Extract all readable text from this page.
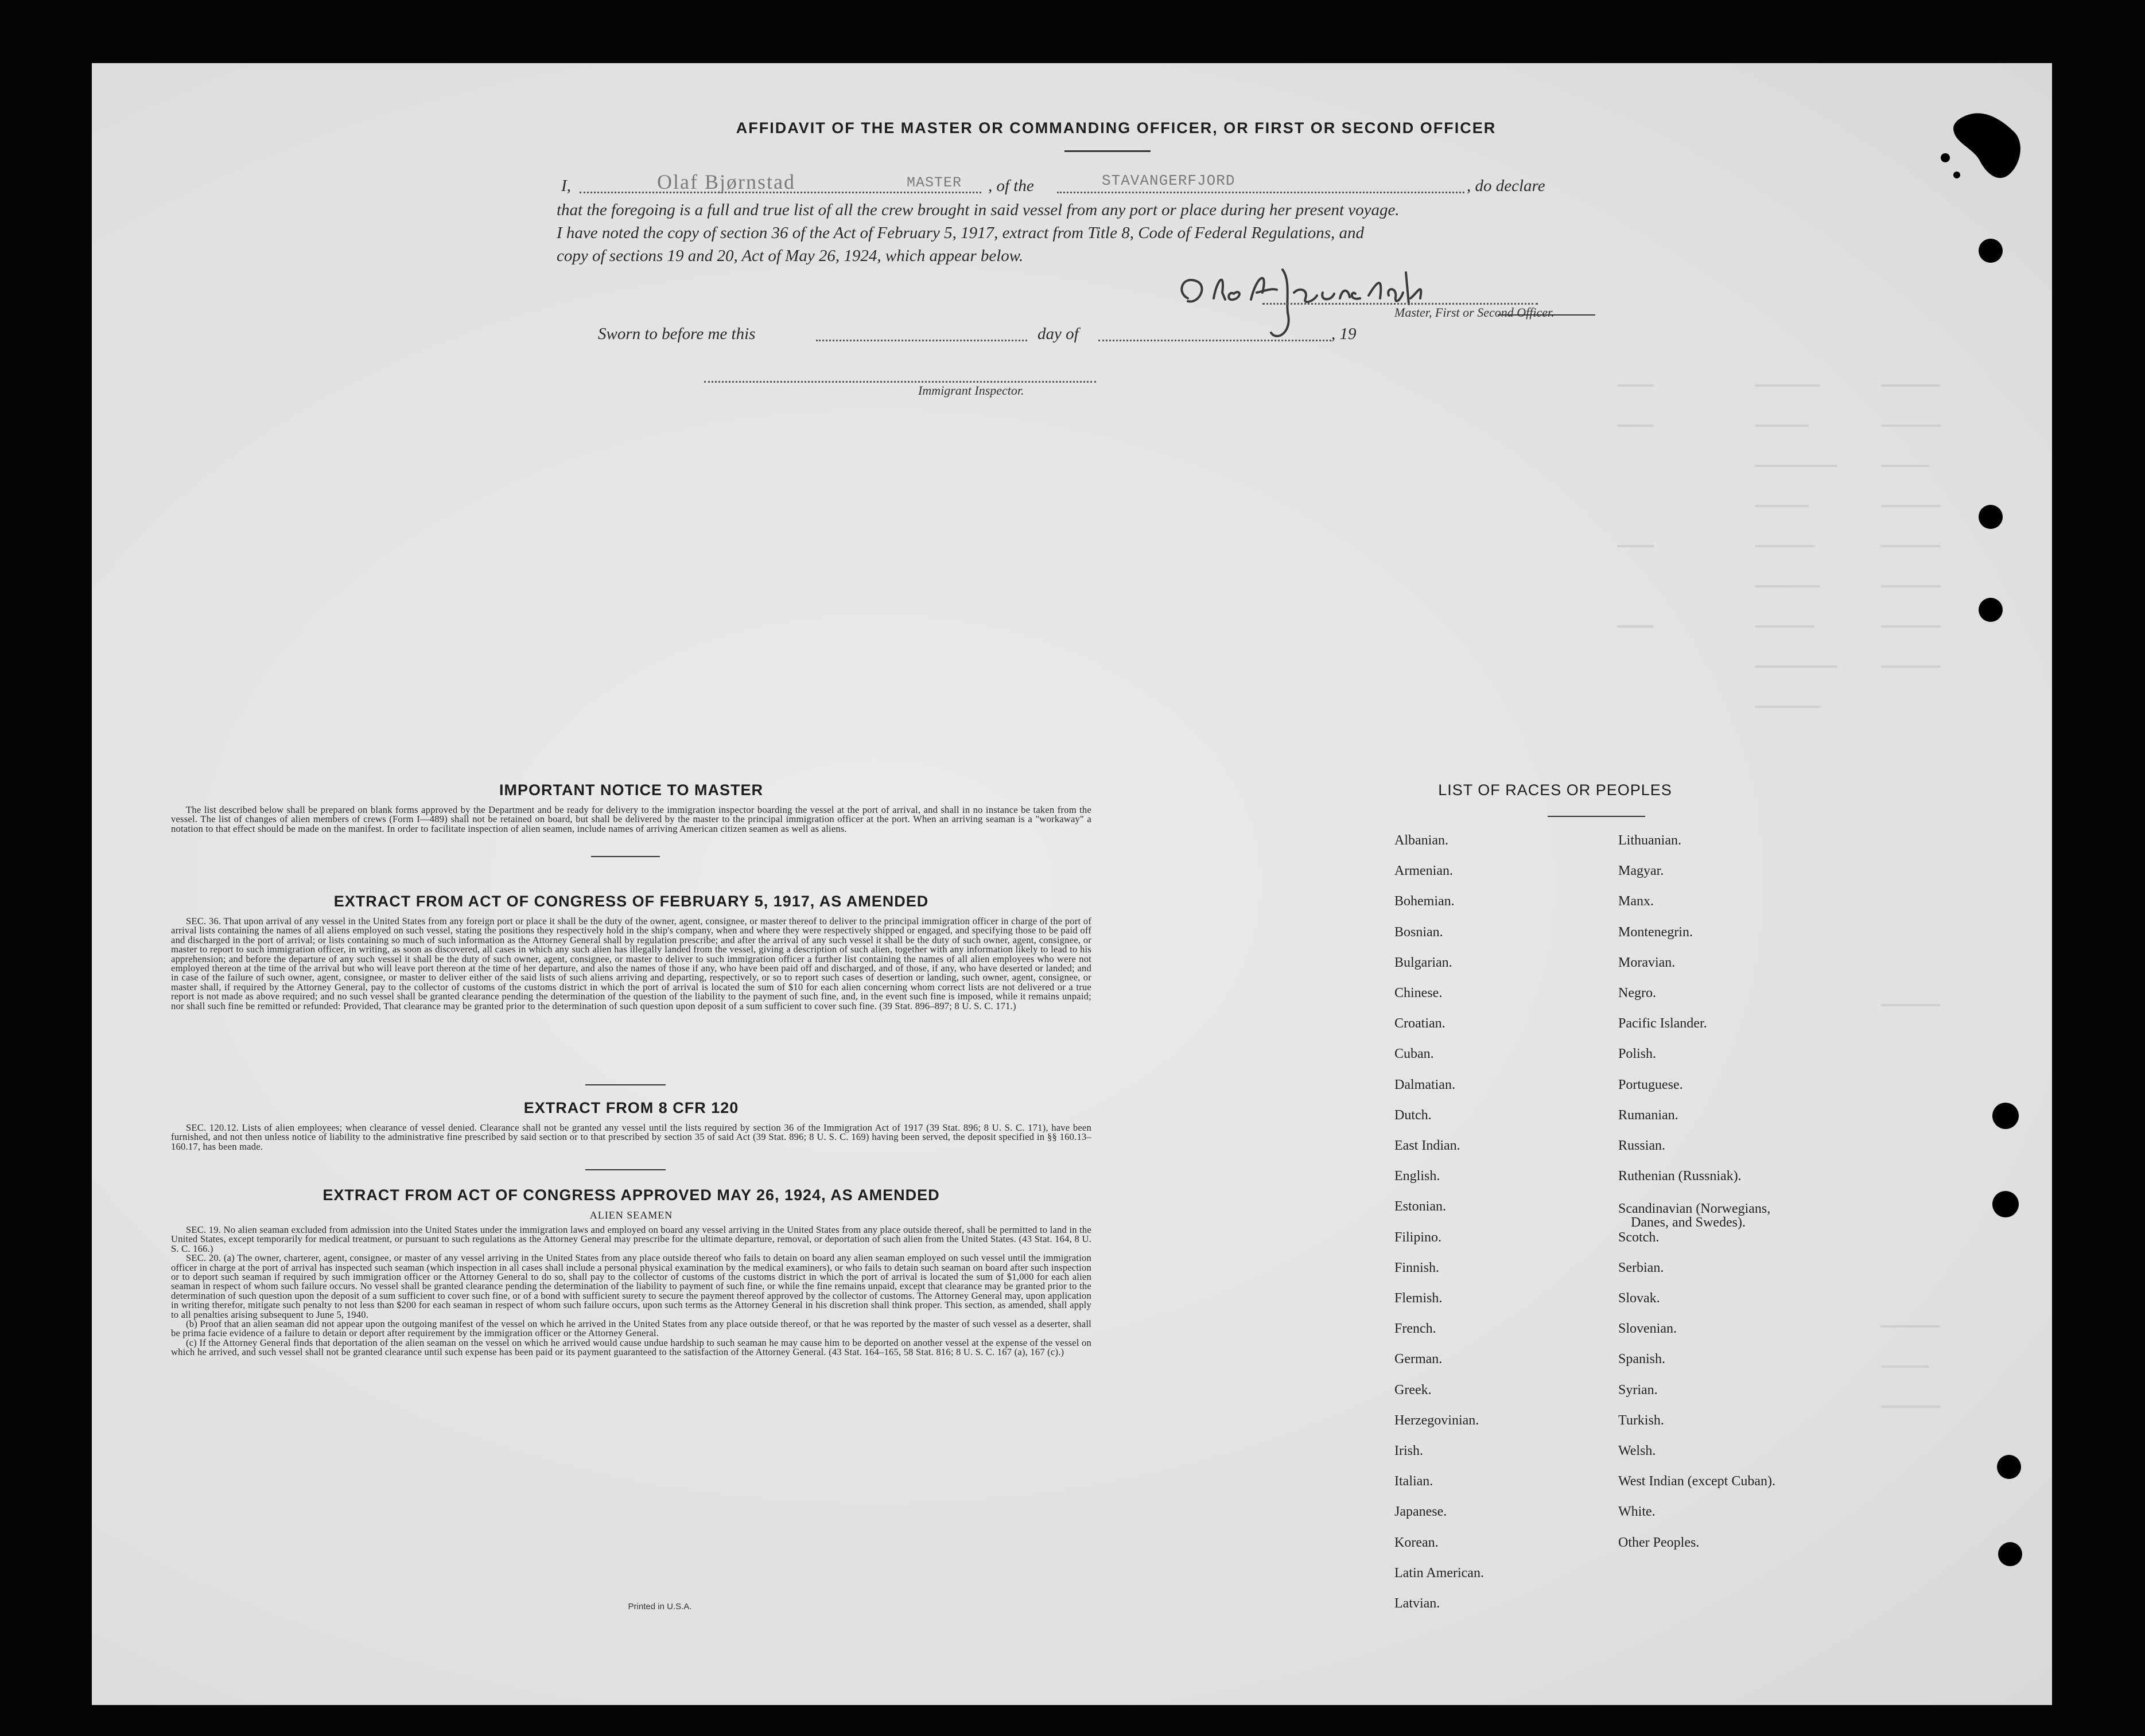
AFFIDAVIT OF THE MASTER OR COMMANDING OFFICER, OR FIRST OR SECOND OFFICER
I,	Olaf Bjørnstad	MASTER , of the	STAVANGERFJORD	, do declare
that the foregoing is a full and true list of all the crew brought in said vessel from any port or place during her present voyage.
I have noted the copy of section 36 of the Act of February 5, 1917, extract from Title 8, Code of Federal Regulations, and
copy of sections 19 and 20, Act of May 26, 1924, which appear below.
Master, First or Second Officer.
Sworn to before me this	day of	, 19
Immigrant Inspector.
IMPORTANT NOTICE TO MASTER

The list described below shall be prepared on blank forms approved by the Department and be ready for delivery to the immigration inspector boarding the vessel at the port of arrival, and shall in no instance be taken from the vessel. The list of changes of alien members of crews (Form I—489) shall not be retained on board, but shall be delivered by the master to the principal immigration officer at the port. When an arriving seaman is a "workaway" a notation to that effect should be made on the manifest. In order to facilitate inspection of alien seamen, include names of arriving American citizen seamen as well as aliens.

EXTRACT FROM ACT OF CONGRESS OF FEBRUARY 5, 1917, AS AMENDED

SEC. 36. That upon arrival of any vessel in the United States from any foreign port or place it shall be the duty of the owner, agent, consignee, or master thereof to deliver to the principal immigration officer in charge of the port of arrival lists containing the names of all aliens employed on such vessel, stating the positions they respectively hold in the ship's company, when and where they were respectively shipped or engaged, and specifying those to be paid off and discharged in the port of arrival; or lists containing so much of such information as the Attorney General shall by regulation prescribe; and after the arrival of any such vessel it shall be the duty of such owner, agent, consignee, or master to report to such immigration officer, in writing, as soon as discovered, all cases in which any such alien has illegally landed from the vessel, giving a description of such alien, together with any information likely to lead to his apprehension; and before the departure of any such vessel it shall be the duty of such owner, agent, consignee, or master to deliver to such immigration officer a further list containing the names of all alien employees who were not employed thereon at the time of the arrival but who will leave port thereon at the time of her departure, and also the names of those if any, who have been paid off and discharged, and of those, if any, who have deserted or landed; and in case of the failure of such owner, agent, consignee, or master to deliver either of the said lists of such aliens arriving and departing, respectively, or so to report such cases of desertion or landing, such owner, agent, consignee, or master shall, if required by the Attorney General, pay to the collector of customs of the customs district in which the port of arrival is located the sum of $10 for each alien concerning whom correct lists are not delivered or a true report is not made as above required; and no such vessel shall be granted clearance pending the determination of the question of the liability to the payment of such fine, and, in the event such fine is imposed, while it remains unpaid; nor shall such fine be remitted or refunded: Provided, That clearance may be granted prior to the determination of such question upon deposit of a sum sufficient to cover such fine. (39 Stat. 896–897; 8 U. S. C. 171.)

EXTRACT FROM 8 CFR 120

SEC. 120.12. Lists of alien employees; when clearance of vessel denied. Clearance shall not be granted any vessel until the lists required by section 36 of the Immigration Act of 1917 (39 Stat. 896; 8 U. S. C. 171), have been furnished, and not then unless notice of liability to the administrative fine prescribed by said section or to that prescribed by section 35 of said Act (39 Stat. 896; 8 U. S. C. 169) having been served, the deposit specified in §§ 160.13–160.17, has been made.

EXTRACT FROM ACT OF CONGRESS APPROVED MAY 26, 1924, AS AMENDED
ALIEN SEAMEN

SEC. 19. No alien seaman excluded from admission into the United States under the immigration laws and employed on board any vessel arriving in the United States from any place outside thereof, shall be permitted to land in the United States, except temporarily for medical treatment, or pursuant to such regulations as the Attorney General may prescribe for the ultimate departure, removal, or deportation of such alien from the United States. (43 Stat. 164, 8 U. S. C. 166.)

SEC. 20. (a) The owner, charterer, agent, consignee, or master of any vessel arriving in the United States from any place outside thereof who fails to detain on board any alien seaman employed on such vessel until the immigration officer in charge at the port of arrival has inspected such seaman (which inspection in all cases shall include a personal physical examination by the medical examiners), or who fails to detain such seaman on board after such inspection or to deport such seaman if required by such immigration officer or the Attorney General to do so, shall pay to the collector of customs of the customs district in which the port of arrival is located the sum of $1,000 for each alien seaman in respect of whom such failure occurs. No vessel shall be granted clearance pending the determination of the liability to payment of such fine, or while the fine remains unpaid, except that clearance may be granted prior to the determination of such question upon the deposit of a sum sufficient to cover such fine, or of a bond with sufficient surety to secure the payment thereof approved by the collector of customs. The Attorney General may, upon application in writing therefor, mitigate such penalty to not less than $200 for each seaman in respect of whom such failure occurs, upon such terms as the Attorney General in his discretion shall think proper. This section, as amended, shall apply to all penalties arising subsequent to June 5, 1940.

(b) Proof that an alien seaman did not appear upon the outgoing manifest of the vessel on which he arrived in the United States from any place outside thereof, or that he was reported by the master of such vessel as a deserter, shall be prima facie evidence of a failure to detain or deport after requirement by the immigration officer or the Attorney General.

(c) If the Attorney General finds that deportation of the alien seaman on the vessel on which he arrived would cause undue hardship to such seaman he may cause him to be deported on another vessel at the expense of the vessel on which he arrived, and such vessel shall not be granted clearance until such expense has been paid or its payment guaranteed to the satisfaction of the Attorney General. (43 Stat. 164–165, 58 Stat. 816; 8 U. S. C. 167 (a), 167 (c).)

Printed in U.S.A.
LIST OF RACES OR PEOPLES
Albanian.
Armenian.
Bohemian.
Bosnian.
Bulgarian.
Chinese.
Croatian.
Cuban.
Dalmatian.
Dutch.
East Indian.
English.
Estonian.
Filipino.
Finnish.
Flemish.
French.
German.
Greek.
Herzegovinian.
Irish.
Italian.
Japanese.
Korean.
Latin American.
Latvian.
Lithuanian.
Magyar.
Manx.
Montenegrin.
Moravian.
Negro.
Pacific Islander.
Polish.
Portuguese.
Rumanian.
Russian.
Ruthenian (Russniak).
Scandinavian (Norwegians,
Danes, and Swedes).
Scotch.
Serbian.
Slovak.
Slovenian.
Spanish.
Syrian.
Turkish.
Welsh.
West Indian (except Cuban).
White.
Other Peoples.
